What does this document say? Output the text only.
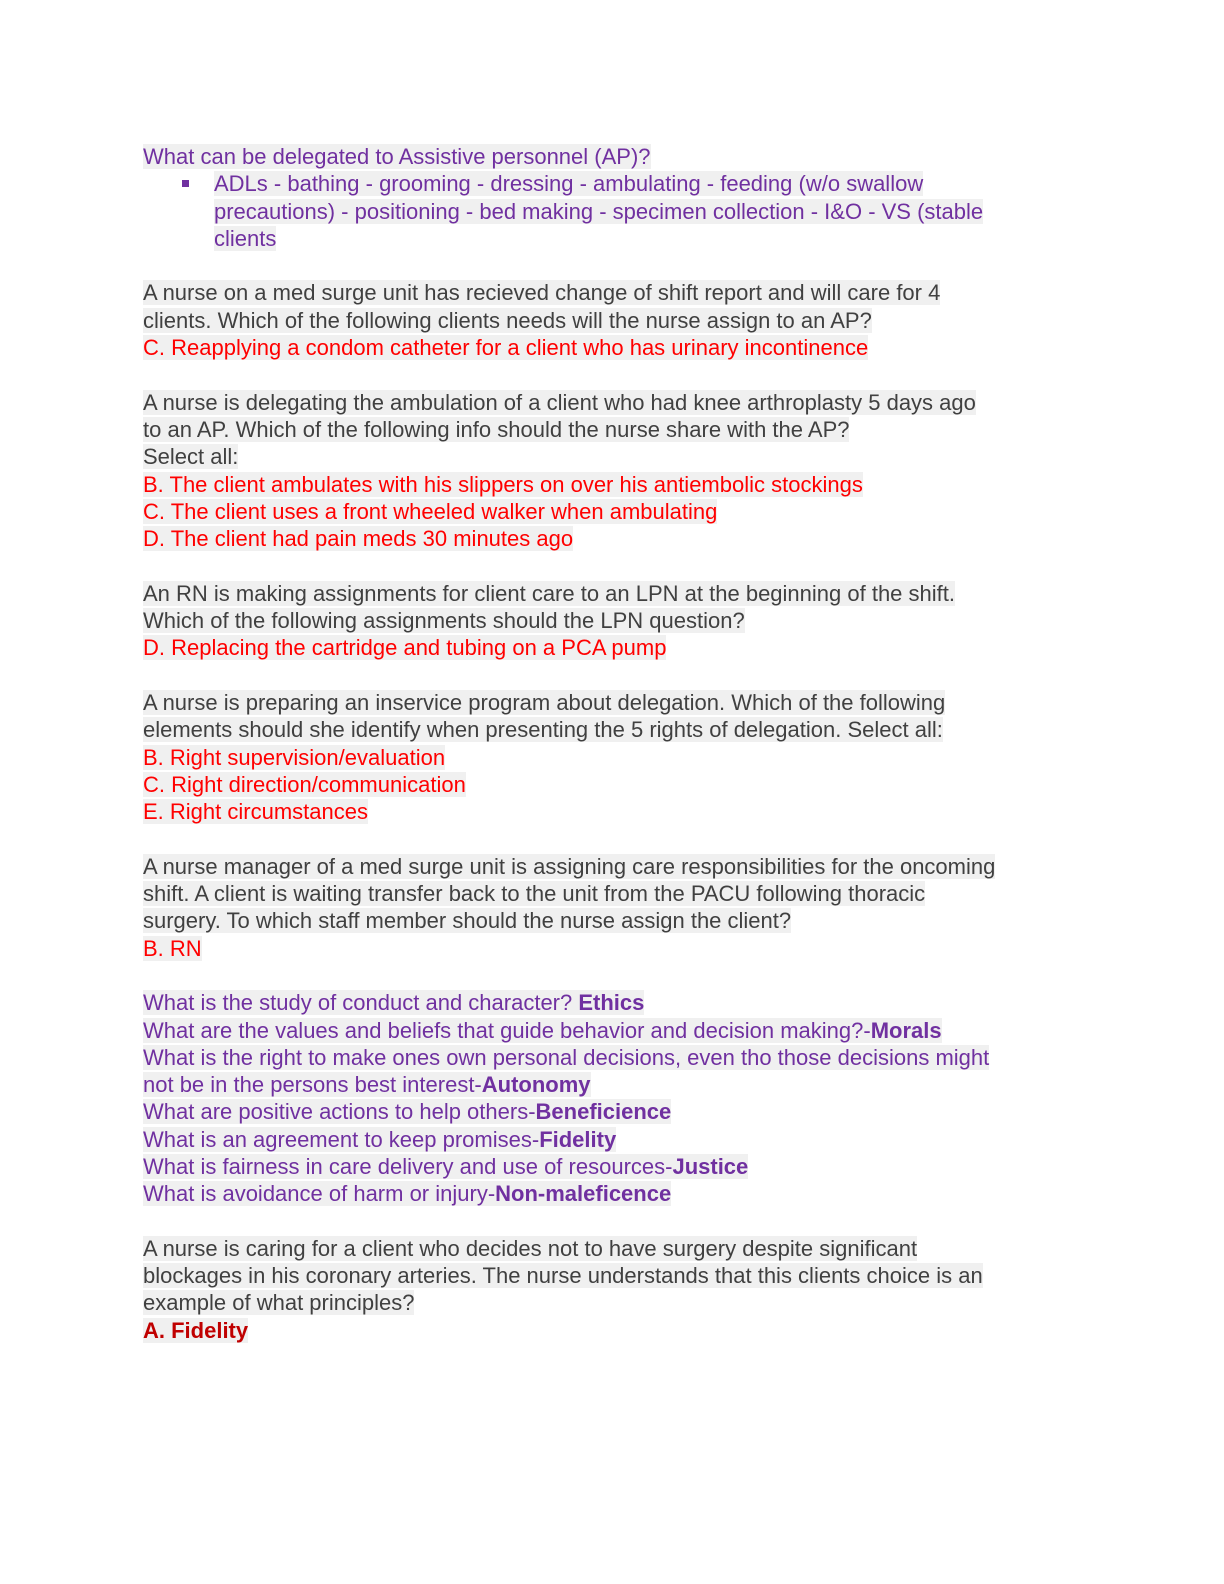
What can be delegated to Assistive personnel (AP)?
ADLs - bathing - grooming - dressing - ambulating - feeding (w/o swallow
precautions) - positioning - bed making - specimen collection - I&O - VS (stable
clients
A nurse on a med surge unit has recieved change of shift report and will care for 4
clients. Which of the following clients needs will the nurse assign to an AP?
C. Reapplying a condom catheter for a client who has urinary incontinence
A nurse is delegating the ambulation of a client who had knee arthroplasty 5 days ago
to an AP. Which of the following info should the nurse share with the AP?
Select all:
B. The client ambulates with his slippers on over his antiembolic stockings
C. The client uses a front wheeled walker when ambulating
D. The client had pain meds 30 minutes ago
An RN is making assignments for client care to an LPN at the beginning of the shift.
Which of the following assignments should the LPN question?
D. Replacing the cartridge and tubing on a PCA pump
A nurse is preparing an inservice program about delegation. Which of the following
elements should she identify when presenting the 5 rights of delegation. Select all:
B. Right supervision/evaluation
C. Right direction/communication
E. Right circumstances
A nurse manager of a med surge unit is assigning care responsibilities for the oncoming
shift. A client is waiting transfer back to the unit from the PACU following thoracic
surgery. To which staff member should the nurse assign the client?
B. RN
What is the study of conduct and character? Ethics
What are the values and beliefs that guide behavior and decision making?-Morals
What is the right to make ones own personal decisions, even tho those decisions might
not be in the persons best interest-Autonomy
What are positive actions to help others-Beneficience
What is an agreement to keep promises-Fidelity
What is fairness in care delivery and use of resources-Justice
What is avoidance of harm or injury-Non-maleficence
A nurse is caring for a client who decides not to have surgery despite significant
blockages in his coronary arteries. The nurse understands that this clients choice is an
example of what principles?
A. Fidelity
